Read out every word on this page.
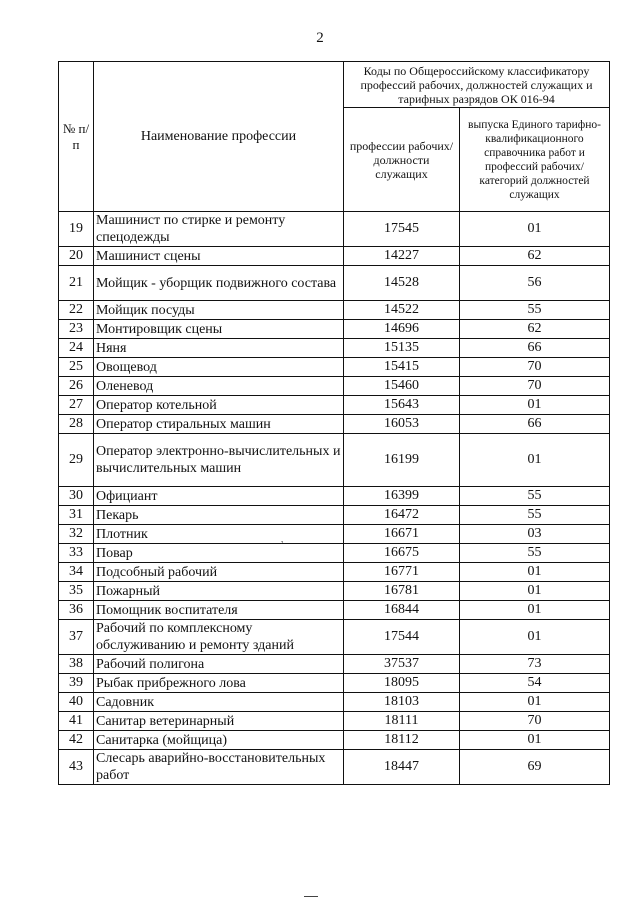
2
№ п/п	Наименование профессии	Коды по Общероссийскому классификатору профессий рабочих, должностей служащих и тарифных разрядов ОК 016-94	
		профессии рабочих/ должности служащих	выпуска Единого тарифно-квалификационного справочника работ и профессий рабочих/категорий должностей служащих
19	Машинист по стирке и ремонту спецодежды	17545	01
20	Машинист сцены	14227	62
21	Мойщик - уборщик подвижного состава	14528	56
22	Мойщик посуды	14522	55
23	Монтировщик сцены	14696	62
24	Няня	15135	66
25	Овощевод	15415	70
26	Оленевод	15460	70
27	Оператор котельной	15643	01
28	Оператор стиральных машин	16053	66
29	Оператор электронно-вычислительных и вычислительных машин	16199	01
30	Официант	16399	55
31	Пекарь	16472	55
32	Плотник	16671	03
33	Повар	16675	55
34	Подсобный рабочий	16771	01
35	Пожарный	16781	01
36	Помощник воспитателя	16844	01
37	Рабочий по комплексному обслуживанию и ремонту зданий	17544	01
38	Рабочий полигона	37537	73
39	Рыбак прибрежного лова	18095	54
40	Садовник	18103	01
41	Санитар ветеринарный	18111	70
42	Санитарка (мойщица)	18112	01
43	Слесарь аварийно-восстановительных работ	18447	69
,
